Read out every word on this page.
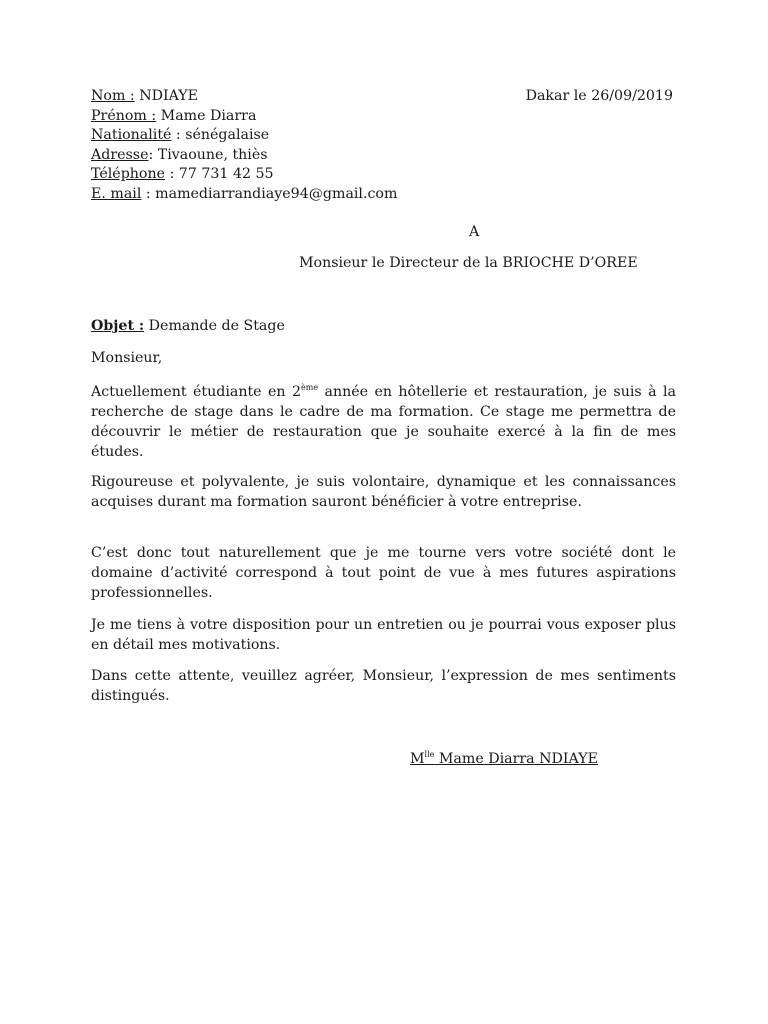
Nom : NDIAYE
Prénom : Mame Diarra
Nationalité : sénégalaise
Adresse: Tivaoune, thiès
Téléphone : 77 731 42 55
E. mail : mamediarrandiaye94@gmail.com
Dakar le 26/09/2019
A
Monsieur le Directeur de la BRIOCHE D’OREE
Objet : Demande de Stage
Monsieur,

Actuellement étudiante en 2ème année en hôtellerie et restauration, je suis à la recherche de stage dans le cadre de ma formation. Ce stage me permettra de découvrir le métier de restauration que je souhaite exercé à la fin de mes études.

Rigoureuse et polyvalente, je suis volontaire, dynamique et les connaissances acquises durant ma formation sauront bénéficier à votre entreprise.

C’est donc tout naturellement que je me tourne vers votre société dont le domaine d’activité correspond à tout point de vue à mes futures aspirations professionnelles.

Je me tiens à votre disposition pour un entretien ou je pourrai vous exposer plus en détail mes motivations.

Dans cette attente, veuillez agréer, Monsieur, l’expression de mes sentiments distingués.

$M^{lle}$ Mame Diarra NDIAYE
